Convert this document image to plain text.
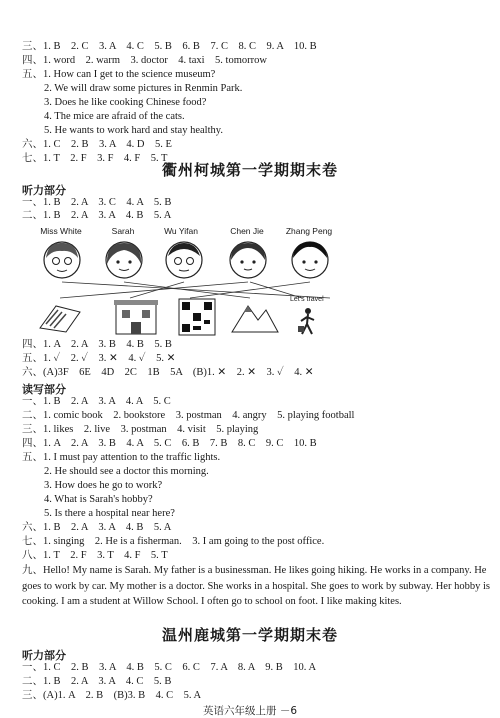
三、1. B　2. C　3. A　4. C　5. B　6. B　7. C　8. C　9. A　10. B
四、1. word　2. warm　3. doctor　4. taxi　5. tomorrow
五、1. How can I get to the science museum?
2. We will draw some pictures in Renmin Park.
3. Does he like cooking Chinese food?
4. The mice are afraid of the cats.
5. He wants to work hard and stay healthy.
六、1. C　2. B　3. A　4. D　5. E
七、1. T　2. F　3. F　4. F　5. T
衢州柯城第一学期期末卷
听力部分
一、1. B　2. A　3. C　4. A　5. B
二、1. B　2. A　3. A　4. B　5. A
Miss White	Sarah	Wu Yifan	Chen Jie	Zhang Peng
Let's travel
四、1. A　2. A　3. B　4. B　5. B
五、1. ✓　2. ✓　3. ✕　4. ✓　5. ✕
六、(A)3F　6E　4D　2C　1B　5A　(B)1. ✕　2. ✕　3. ✓　4. ✕
读写部分
一、1. B　2. A　3. A　4. A　5. C
二、1. comic book　2. bookstore　3. postman　4. angry　5. playing football
三、1. likes　2. live　3. postman　4. visit　5. playing
四、1. A　2. A　3. B　4. A　5. C　6. B　7. B　8. C　9. C　10. B
五、1. I must pay attention to the traffic lights.
2. He should see a doctor this morning.
3. How does he go to work?
4. What is Sarah's hobby?
5. Is there a hospital near here?
六、1. B　2. A　3. A　4. B　5. A
七、1. singing　2. He is a fisherman.　3. I am going to the post office.
八、1. T　2. F　3. T　4. F　5. T
九、Hello! My name is Sarah. My father is a businessman. He likes going hiking. He works in a company. He goes to work by car. My mother is a doctor. She works in a hospital. She goes to work by subway. Her hobby is cooking. I am a student at Willow School. I often go to school on foot. I like making kites.
温州鹿城第一学期期末卷
听力部分
一、1. C　2. B　3. A　4. B　5. C　6. C　7. A　8. A　9. B　10. A
二、1. B　2. A　3. A　4. C　5. B
三、(A)1. A　2. B　(B)3. B　4. C　5. A
英语六年级上册 －6
